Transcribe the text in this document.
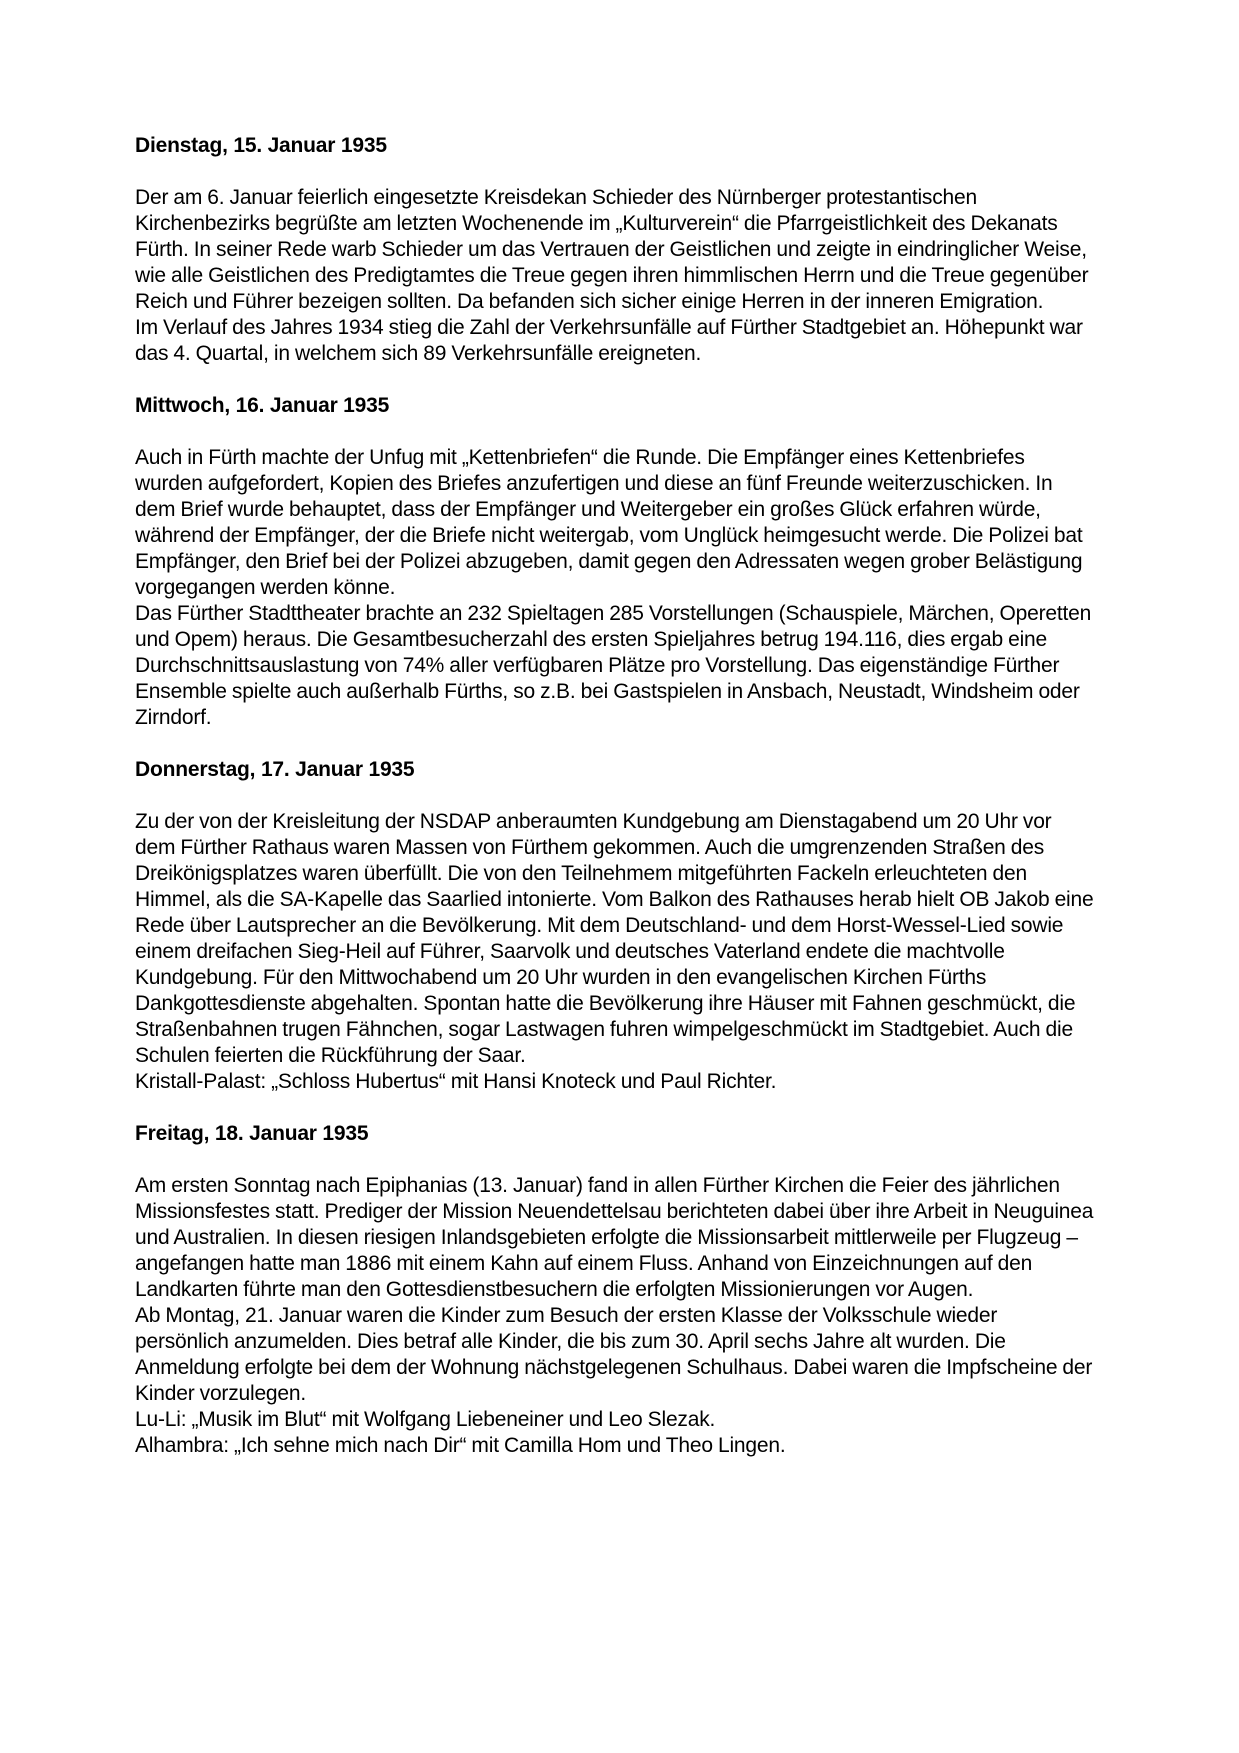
Dienstag, 15. Januar 1935
Der am 6. Januar feierlich eingesetzte Kreisdekan Schieder des Nürnberger protestantischen Kirchenbezirks begrüßte am letzten Wochenende im „Kulturverein“ die Pfarrgeistlichkeit des Dekanats Fürth. In seiner Rede warb Schieder um das Vertrauen der Geistlichen und zeigte in eindringlicher Weise, wie alle Geistlichen des Predigtamtes die Treue gegen ihren himmlischen Herrn und die Treue gegenüber Reich und Führer bezeigen sollten. Da befanden sich sicher einige Herren in der inneren Emigration.
Im Verlauf des Jahres 1934 stieg die Zahl der Verkehrsunfälle auf Fürther Stadtgebiet an. Höhepunkt war das 4. Quartal, in welchem sich 89 Verkehrsunfälle ereigneten.
Mittwoch, 16. Januar 1935
Auch in Fürth machte der Unfug mit „Kettenbriefen“ die Runde. Die Empfänger eines Kettenbriefes wurden aufgefordert, Kopien des Briefes anzufertigen und diese an fünf Freunde weiterzuschicken. In dem Brief wurde behauptet, dass der Empfänger und Weitergeber ein großes Glück erfahren würde, während der Empfänger, der die Briefe nicht weitergab, vom Unglück heimgesucht werde. Die Polizei bat Empfänger, den Brief bei der Polizei abzugeben, damit gegen den Adressaten wegen grober Belästigung vorgegangen werden könne.
Das Fürther Stadttheater brachte an 232 Spieltagen 285 Vorstellungen (Schauspiele, Märchen, Operetten und Opem) heraus. Die Gesamtbesucherzahl des ersten Spieljahres betrug 194.116, dies ergab eine Durchschnittsauslastung von 74% aller verfügbaren Plätze pro Vorstellung. Das eigenständige Fürther Ensemble spielte auch außerhalb Fürths, so z.B. bei Gastspielen in Ansbach, Neustadt, Windsheim oder Zirndorf.
Donnerstag, 17. Januar 1935
Zu der von der Kreisleitung der NSDAP anberaumten Kundgebung am Dienstagabend um 20 Uhr vor dem Fürther Rathaus waren Massen von Fürthem gekommen. Auch die umgrenzenden Straßen des Dreikönigsplatzes waren überfüllt. Die von den Teilnehmem mitgeführten Fackeln erleuchteten den Himmel, als die SA-Kapelle das Saarlied intonierte. Vom Balkon des Rathauses herab hielt OB Jakob eine Rede über Lautsprecher an die Bevölkerung. Mit dem Deutschland- und dem Horst-Wessel-Lied sowie einem dreifachen Sieg-Heil auf Führer, Saarvolk und deutsches Vaterland endete die machtvolle Kundgebung. Für den Mittwochabend um 20 Uhr wurden in den evangelischen Kirchen Fürths Dankgottesdienste abgehalten. Spontan hatte die Bevölkerung ihre Häuser mit Fahnen geschmückt, die Straßenbahnen trugen Fähnchen, sogar Lastwagen fuhren wimpelgeschmückt im Stadtgebiet. Auch die Schulen feierten die Rückführung der Saar.
Kristall-Palast: „Schloss Hubertus“ mit Hansi Knoteck und Paul Richter.
Freitag, 18. Januar 1935
Am ersten Sonntag nach Epiphanias (13. Januar) fand in allen Fürther Kirchen die Feier des jährlichen Missionsfestes statt. Prediger der Mission Neuendettelsau berichteten dabei über ihre Arbeit in Neuguinea und Australien. In diesen riesigen Inlandsgebieten erfolgte die Missionsarbeit mittlerweile per Flugzeug – angefangen hatte man 1886 mit einem Kahn auf einem Fluss. Anhand von Einzeichnungen auf den Landkarten führte man den Gottesdienstbesuchern die erfolgten Missionierungen vor Augen.
Ab Montag, 21. Januar waren die Kinder zum Besuch der ersten Klasse der Volksschule wieder persönlich anzumelden. Dies betraf alle Kinder, die bis zum 30. April sechs Jahre alt wurden. Die Anmeldung erfolgte bei dem der Wohnung nächstgelegenen Schulhaus. Dabei waren die Impfscheine der Kinder vorzulegen.
Lu-Li: „Musik im Blut“ mit Wolfgang Liebeneiner und Leo Slezak.
Alhambra: „Ich sehne mich nach Dir“ mit Camilla Hom und Theo Lingen.
